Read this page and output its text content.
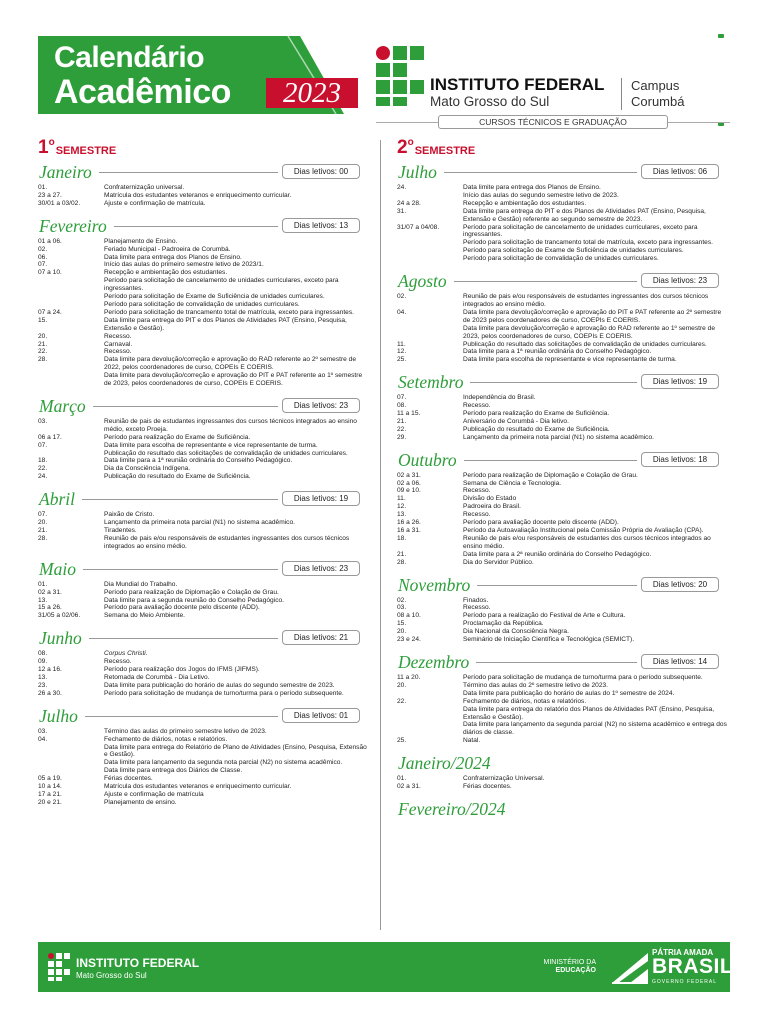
Calendário
Acadêmico	2023	INSTITUTO FEDERAL
Mato Grosso do Sul
Campus
Corumbá
CURSOS TÉCNICOS E GRADUAÇÃO
1 o
SEMESTRE
Janeiro	Dias letivos: 00
01.	Confraternização universal.
23 a 27.	Matrícula dos estudantes veteranos e enriquecimento curricular.
30/01 a 03/02.	Ajuste e confirmação de matrícula.
Fevereiro	Dias letivos: 13
01 a 06.	Planejamento de Ensino.
02.	Feriado Municipal - Padroeira de Corumbá.
06.	Data limite para entrega dos Planos de Ensino.
07.	Início das aulas do primeiro semestre letivo de 2023/1.
07 a 10.	Recepção e ambientação dos estudantes.
Período para solicitação de cancelamento de unidades curriculares, exceto para ingressantes.
Período para solicitação de Exame de Suficiência de unidades curriculares.
Período para solicitação de convalidação de unidades curriculares.
07 a 24.	Período para solicitação de trancamento total de matrícula, exceto para ingressantes.
15.	Data limite para entrega do PIT e dos Planos de Atividades PAT (Ensino, Pesquisa, Extensão e Gestão).
20.	Recesso.
21.	Carnaval.
22.	Recesso.
28.	Data limite para devolução/correção e aprovação do RAD referente ao 2º semestre de 2022, pelos coordenadores de curso, COPEIs E COERIS.
Data limite para devolução/correção e aprovação do PIT e PAT referente ao 1º semestre de 2023, pelos coordenadores de curso, COPEIs E COERIS.
Março	Dias letivos: 23
03.	Reunião de pais de estudantes ingressantes dos cursos técnicos integrados ao ensino médio, exceto Proeja.
06 a 17.	Período para realização do Exame de Suficiência.
07.	Data limite para escolha de representante e vice representante de turma.
Publicação do resultado das solicitações de convalidação de unidades curriculares.
18.	Data limite para a 1ª reunião ordinária do Conselho Pedagógico.
22.	Dia da Consciência Indígena.
24.	Publicação do resultado do Exame de Suficiência.
Abril	Dias letivos: 19
07.	Paixão de Cristo.
20.	Lançamento da primeira nota parcial (N1) no sistema acadêmico.
21.	Tiradentes.
28.	Reunião de pais e/ou responsáveis de estudantes ingressantes dos cursos técnicos integrados ao ensino médio.
Maio	Dias letivos: 23
01.	Dia Mundial do Trabalho.
02 a 31.	Período para realização de Diplomação e Colação de Grau.
13.	Data limite para a segunda reunião do Conselho Pedagógico.
15 a 26.	Período para avaliação docente pelo discente (ADD).
31/05 a 02/06.	Semana do Meio Ambiente.
Junho	Dias letivos: 21
08.	Corpus Christi.
09.	Recesso.
12 a 16.	Período para realização dos Jogos do IFMS (JIFMS).
13.	Retomada de Corumbá - Dia Letivo.
23.	Data limite para publicação do horário de aulas do segundo semestre de 2023.
26 a 30.	Período para solicitação de mudança de turno/turma para o período subsequente.
Julho	Dias letivos: 01
03.	Término das aulas do primeiro semestre letivo de 2023.
04.	Fechamento de diários, notas e relatórios.
Data limite para entrega do Relatório de Plano de Atividades (Ensino, Pesquisa, Extensão e Gestão).
Data limite para lançamento da segunda nota parcial (N2) no sistema acadêmico.
Data limite para entrega dos Diários de Classe.
05 a 19.	Férias docentes.
10 a 14.	Matrícula dos estudantes veteranos e enriquecimento curricular.
17 a 21.	Ajuste e confirmação de matrícula
20 e 21.	Planejamento de ensino.
2 o
SEMESTRE
Julho	Dias letivos: 06
24.	Data limite para entrega dos Planos de Ensino.
Início das aulas do segundo semestre letivo de 2023.
24 a 28.	Recepção e ambientação dos estudantes.
31.	Data limite para entrega do PIT e dos Planos de Atividades PAT (Ensino, Pesquisa, Extensão e Gestão) referente ao segundo semestre de 2023.
31/07 a 04/08.	Período para solicitação de cancelamento de unidades curriculares, exceto para ingressantes.
Período para solicitação de trancamento total de matrícula, exceto para ingressantes.
Período para solicitação de Exame de Suficiência de unidades curriculares.
Período para solicitação de convalidação de unidades curriculares.
Agosto	Dias letivos: 23
02.	Reunião de pais e/ou responsáveis de estudantes ingressantes dos cursos técnicos integrados ao ensino médio.
04.	Data limite para devolução/correção e aprovação do PIT e PAT referente ao 2º semestre de 2023 pelos coordenadores de curso, COEPIs E COERIS.
Data limite para devolução/correção e aprovação do RAD referente ao 1º semestre de 2023, pelos coordenadores de curso, COEPIs E COERIS.
11.	Publicação do resultado das solicitações de convalidação de unidades curriculares.
12.	Data limite para a 1ª reunião ordinária do Conselho Pedagógico.
25.	Data limite para escolha de representante e vice representante de turma.
Setembro	Dias letivos: 19
07.	Independência do Brasil.
08.	Recesso.
11 a 15.	Período para realização do Exame de Suficiência.
21.	Aniversário de Corumbá - Dia letivo.
22.	Publicação do resultado do Exame de Suficiência.
29.	Lançamento da primeira nota parcial (N1) no sistema acadêmico.
Outubro	Dias letivos: 18
02 a 31.	Período para realização de Diplomação e Colação de Grau.
02 a 06.	Semana de Ciência e Tecnologia.
09 e 10.	Recesso.
11.	Divisão do Estado
12.	Padroeira do Brasil.
13.	Recesso.
16 a 26.	Período para avaliação docente pelo discente (ADD).
16 a 31.	Período da Autoavaliação Institucional pela Comissão Própria de Avaliação (CPA).
18.	Reunião de pais e/ou responsáveis de estudantes dos cursos técnicos integrados ao ensino médio.
21.	Data limite para a 2ª reunião ordinária do Conselho Pedagógico.
28.	Dia do Servidor Público.
Novembro	Dias letivos: 20
02.	Finados.
03.	Recesso.
08 a 10.	Período para a realização do Festival de Arte e Cultura.
15.	Proclamação da República.
20.	Dia Nacional da Consciência Negra.
23 e 24.	Seminário de Iniciação Científica e Tecnológica (SEMICT).
Dezembro	Dias letivos: 14
11 a 20.	Período para solicitação de mudança de turno/turma para o período subsequente.
20.	Término das aulas do 2º semestre letivo de 2023.
Data limite para publicação do horário de aulas do 1º semestre de 2024.
22.	Fechamento de diários, notas e relatórios.
Data limite para entrega do relatório dos Planos de Atividades PAT (Ensino, Pesquisa, Extensão e Gestão).
Data limite para lançamento da segunda parcial (N2) no sistema acadêmico e entrega dos diários de classe.
25.	Natal.
Janeiro/2024
01.	Confraternização Universal.
02 a 31.	Férias docentes.
Fevereiro/2024
INSTITUTO FEDERAL
Mato Grosso do Sul
MINISTÉRIO DA
EDUCAÇÃO
PÁTRIA AMADA
BRASIL
GOVERNO FEDERAL
